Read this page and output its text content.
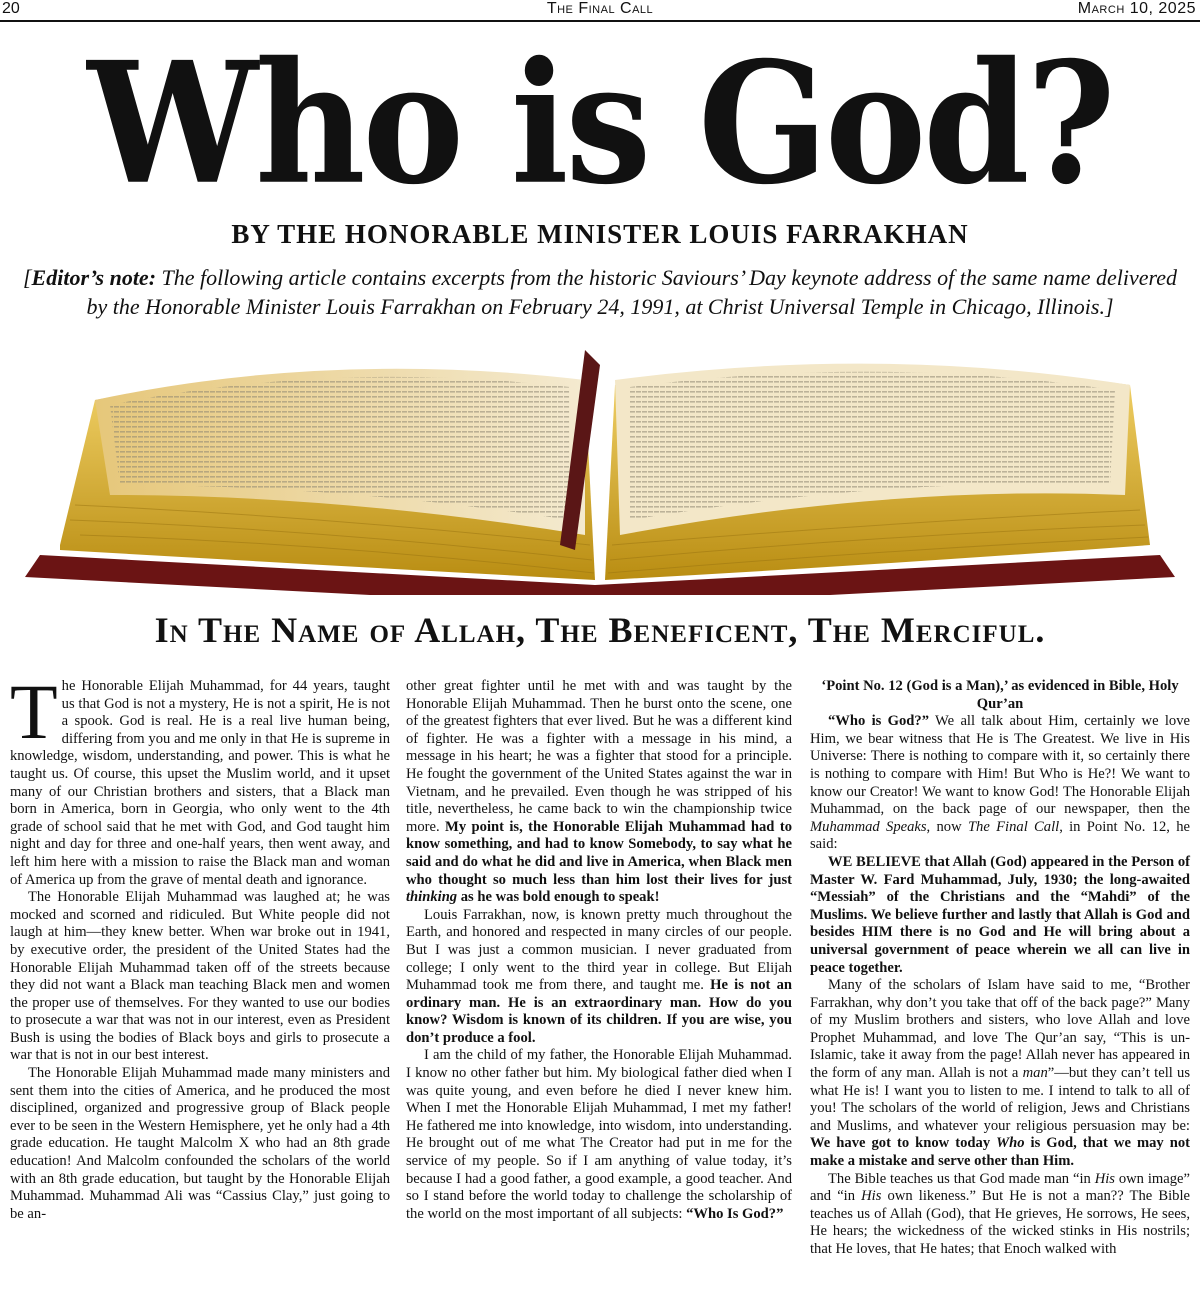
20	The Final Call	March 10, 2025
Who is God?
BY THE HONORABLE MINISTER LOUIS FARRAKHAN
[Editor’s note: The following article contains excerpts from the historic Saviours’ Day keynote address of the same name delivered by the Honorable Minister Louis Farrakhan on February 24, 1991, at Christ Universal Temple in Chicago, Illinois.]
In The Name of Allah, The Beneficent, The Merciful.

The Honorable Elijah Muhammad, for 44 years, taught us that God is not a mystery, He is not a spirit, He is not a spook. God is real. He is a real live human being, differing from you and me only in that He is supreme in knowledge, wisdom, understanding, and power. This is what he taught us. Of course, this upset the Muslim world, and it upset many of our Christian brothers and sisters, that a Black man born in America, born in Georgia, who only went to the 4th grade of school said that he met with God, and God taught him night and day for three and one-half years, then went away, and left him here with a mission to raise the Black man and woman of America up from the grave of mental death and ignorance.

The Honorable Elijah Muhammad was laughed at; he was mocked and scorned and ridiculed. But White people did not laugh at him—they knew better. When war broke out in 1941, by executive order, the president of the United States had the Honorable Elijah Muhammad taken off of the streets because they did not want a Black man teaching Black men and women the proper use of themselves. For they wanted to use our bodies to prosecute a war that was not in our interest, even as President Bush is using the bodies of Black boys and girls to prosecute a war that is not in our best interest.

The Honorable Elijah Muhammad made many ministers and sent them into the cities of America, and he produced the most disciplined, organized and progressive group of Black people ever to be seen in the Western Hemisphere, yet he only had a 4th grade education. He taught Malcolm X who had an 8th grade education! And Malcolm confounded the scholars of the world with an 8th grade education, but taught by the Honorable Elijah Muhammad. Muhammad Ali was “Cassius Clay,” just going to be an-

other great fighter until he met with and was taught by the Honorable Elijah Muhammad. Then he burst onto the scene, one of the greatest fighters that ever lived. But he was a different kind of fighter. He was a fighter with a message in his mind, a message in his heart; he was a fighter that stood for a principle. He fought the government of the United States against the war in Vietnam, and he prevailed. Even though he was stripped of his title, nevertheless, he came back to win the championship twice more. My point is, the Honorable Elijah Muhammad had to know something, and had to know Somebody, to say what he said and do what he did and live in America, when Black men who thought so much less than him lost their lives for just thinking as he was bold enough to speak!

Louis Farrakhan, now, is known pretty much throughout the Earth, and honored and respected in many circles of our people. But I was just a common musician. I never graduated from college; I only went to the third year in college. But Elijah Muhammad took me from there, and taught me. He is not an ordinary man. He is an extraordinary man. How do you know? Wisdom is known of its children. If you are wise, you don’t produce a fool.

I am the child of my father, the Honorable Elijah Muhammad. I know no other father but him. My biological father died when I was quite young, and even before he died I never knew him. When I met the Honorable Elijah Muhammad, I met my father! He fathered me into knowledge, into wisdom, into understanding. He brought out of me what The Creator had put in me for the service of my people. So if I am anything of value today, it’s because I had a good father, a good example, a good teacher. And so I stand before the world today to challenge the scholarship of the world on the most important of all subjects: “Who Is God?”

‘Point No. 12 (God is a Man),’ as evidenced in Bible, Holy Qur’an

“Who is God?” We all talk about Him, certainly we love Him, we bear witness that He is The Greatest. We live in His Universe: There is nothing to compare with it, so certainly there is nothing to compare with Him! But Who is He?! We want to know our Creator! We want to know God! The Honorable Elijah Muhammad, on the back page of our newspaper, then the Muhammad Speaks, now The Final Call, in Point No. 12, he said:

WE BELIEVE that Allah (God) appeared in the Person of Master W. Fard Muhammad, July, 1930; the long-awaited “Messiah” of the Christians and the “Mahdi” of the Muslims. We believe further and lastly that Allah is God and besides HIM there is no God and He will bring about a universal government of peace wherein we all can live in peace together.

Many of the scholars of Islam have said to me, “Brother Farrakhan, why don’t you take that off of the back page?” Many of my Muslim brothers and sisters, who love Allah and love Prophet Muhammad, and love The Qur’an say, “This is un-Islamic, take it away from the page! Allah never has appeared in the form of any man. Allah is not a man”—but they can’t tell us what He is! I want you to listen to me. I intend to talk to all of you! The scholars of the world of religion, Jews and Christians and Muslims, and whatever your religious persuasion may be: We have got to know today Who is God, that we may not make a mistake and serve other than Him.

The Bible teaches us that God made man “in His own image” and “in His own likeness.” But He is not a man?? The Bible teaches us of Allah (God), that He grieves, He sorrows, He sees, He hears; the wickedness of the wicked stinks in His nostrils; that He loves, that He hates; that Enoch walked with
